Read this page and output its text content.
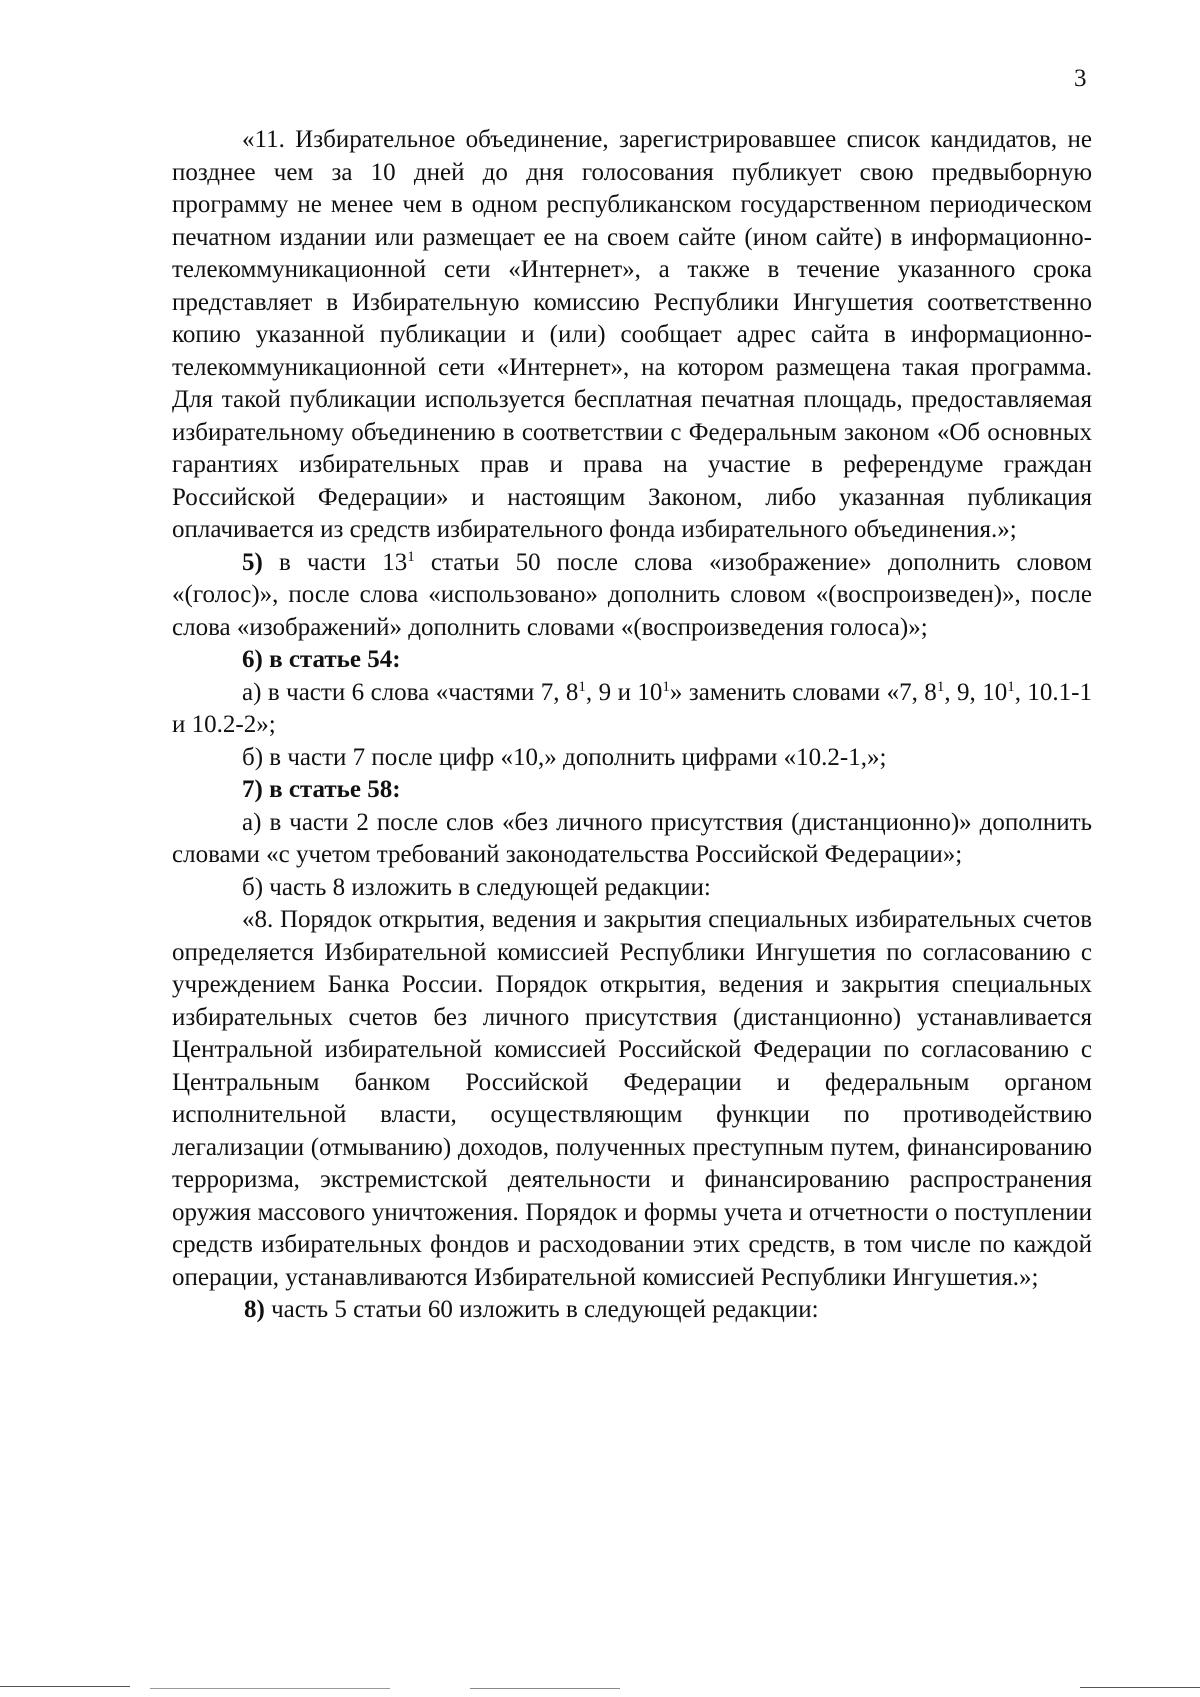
3

«11. Избирательное объединение, зарегистрировавшее список кандидатов, не позднее чем за 10 дней до дня голосования публикует свою предвыборную программу не менее чем в одном республиканском государственном периодическом печатном издании или размещает ее на своем сайте (ином сайте) в информационно-телекоммуникационной сети «Интернет», а также в течение указанного срока представляет в Избирательную комиссию Республики Ингушетия соответственно копию указанной публикации и (или) сообщает адрес сайта в информационно-телекоммуникационной сети «Интернет», на котором размещена такая программа. Для такой публикации используется бесплатная печатная площадь, предоставляемая избирательному объединению в соответствии с Федеральным законом «Об основных гарантиях избирательных прав и права на участие в референдуме граждан Российской Федерации» и настоящим Законом, либо указанная публикация оплачивается из средств избирательного фонда избирательного объединения.»;

5) в части $13^1$ статьи 50 после слова «изображение» дополнить словом «(голос)», после слова «использовано» дополнить словом «(воспроизведен)», после слова «изображений» дополнить словами «(воспроизведения голоса)»;

6) в статье 54:

а) в части 6 слова «частями 7, $8^1$, 9 и $10^1$» заменить словами «7, $8^1$, 9, $10^1$, 10.1-1 и 10.2-2»;

б) в части 7 после цифр «10,» дополнить цифрами «10.2-1,»;

7) в статье 58:

а) в части 2 после слов «без личного присутствия (дистанционно)» дополнить словами «с учетом требований законодательства Российской Федерации»;

б) часть 8 изложить в следующей редакции:

«8. Порядок открытия, ведения и закрытия специальных избирательных счетов определяется Избирательной комиссией Республики Ингушетия по согласованию с учреждением Банка России. Порядок открытия, ведения и закрытия специальных избирательных счетов без личного присутствия (дистанционно) устанавливается Центральной избирательной комиссией Российской Федерации по согласованию с Центральным банком Российской Федерации и федеральным органом исполнительной власти, осуществляющим функции по противодействию легализации (отмыванию) доходов, полученных преступным путем, финансированию терроризма, экстремистской деятельности и финансированию распространения оружия массового уничтожения. Порядок и формы учета и отчетности о поступлении средств избирательных фондов и расходовании этих средств, в том числе по каждой операции, устанавливаются Избирательной комиссией Республики Ингушетия.»;

8) часть 5 статьи 60 изложить в следующей редакции:
